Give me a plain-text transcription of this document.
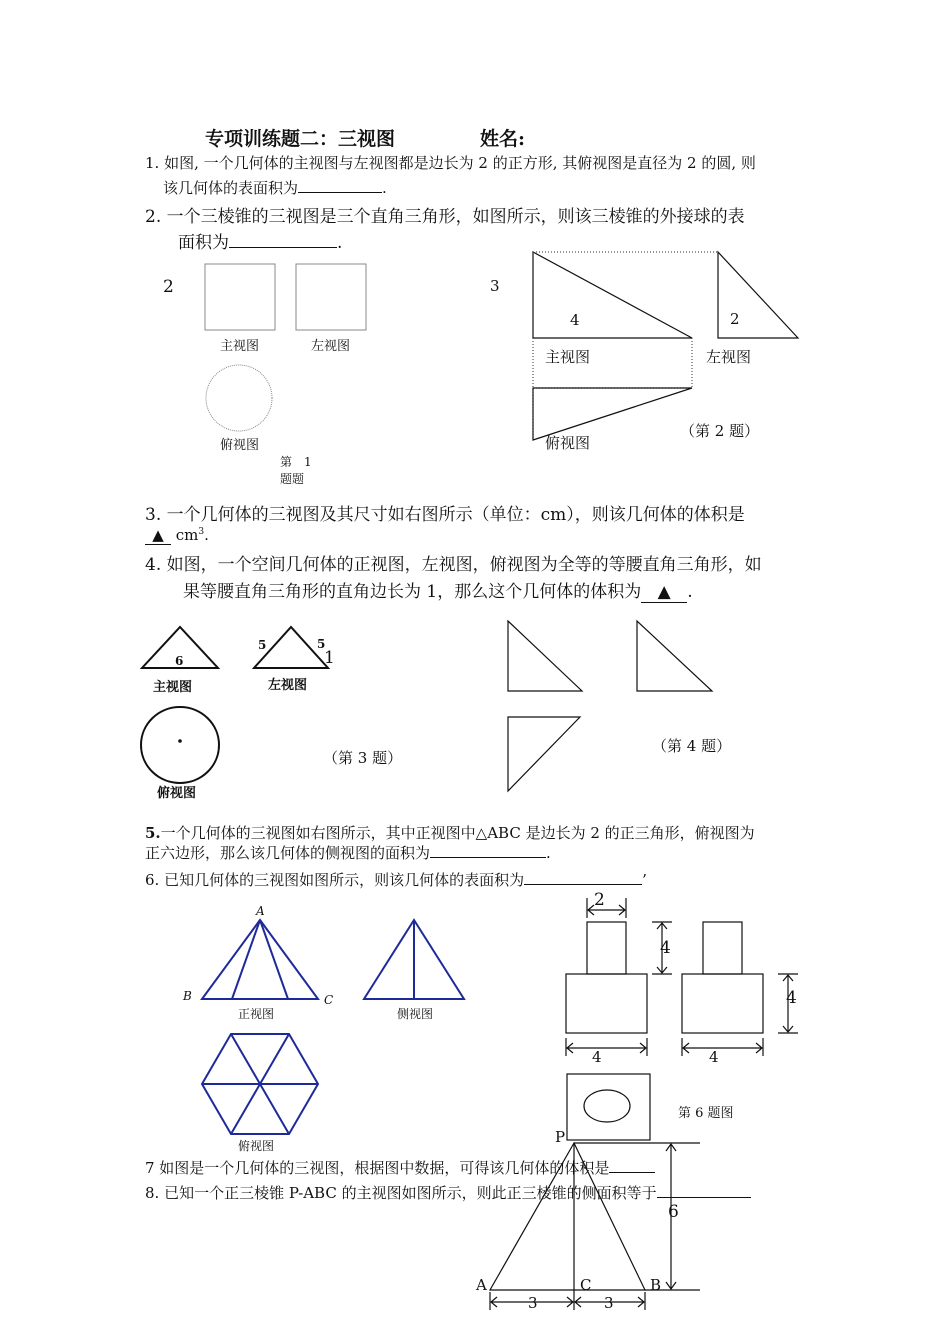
专项训练题二：三视图	姓名:
1. 如图, 一个几何体的主视图与左视图都是边长为 2 的正方形, 其俯视图是直径为 2 的圆, 则
该几何体的表面积为	.
2. 一个三棱锥的三视图是三个直角三角形，如图所示，则该三棱锥的外接球的表
面积为	.
2
主视图	左视图
俯视图
第　1
题题
3
4	2
主视图	左视图
俯视图
（第 2 题）
3. 一个几何体的三视图及其尺寸如右图所示（单位：cm），则该几何体的体积是
▲ $cm^3$.
4. 如图，一个空间几何体的正视图，左视图，俯视图为全等的等腰直角三角形，如
果等腰直角三角形的直角边长为 1，那么这个几何体的体积为 ▲ .
6
5	5
1
主视图	左视图
俯视图
（第 3 题）
（第 4 题）
5.一个几何体的三视图如右图所示，其中正视图中△ABC 是边长为 2 的正三角形，俯视图为
正六边形，那么该几何体的侧视图的面积为	.
6. 已知几何体的三视图如图所示，则该几何体的表面积为	’
A
B	C
正视图	侧视图
俯视图
2
4
4
4	4
第 6 题图
7 如图是一个几何体的三视图，根据图中数据，可得该几何体的体积是
8. 已知一个正三棱锥 P-ABC 的主视图如图所示，则此正三棱锥的侧面积等于
P
A	C	B
6
3	3
